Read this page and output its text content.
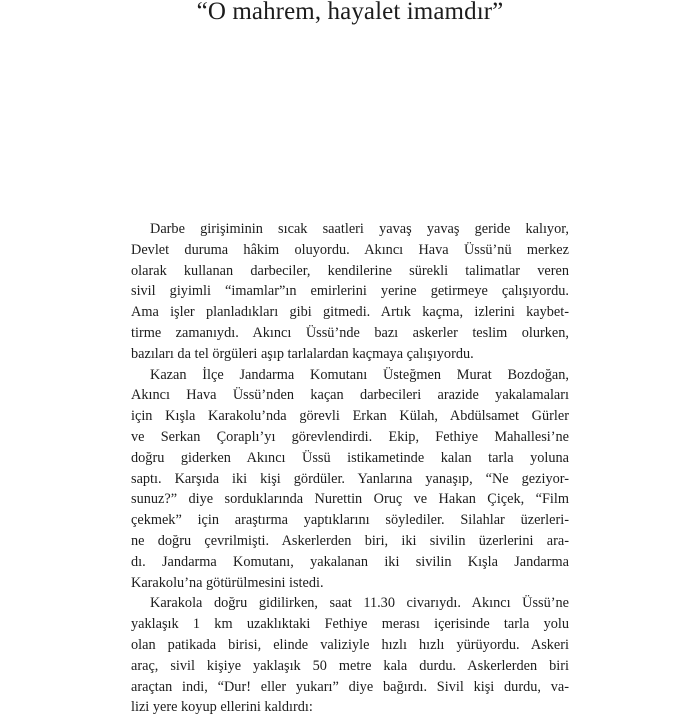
“O mahrem, hayalet imamdır”

Darbe girişiminin sıcak saatleri yavaş yavaş geride kalıyor,
Devlet duruma hâkim oluyordu. Akıncı Hava Üssü’nü merkez
olarak kullanan darbeciler, kendilerine sürekli talimatlar veren
sivil giyimli “imamlar”ın emirlerini yerine getirmeye çalışıyordu.
Ama işler planladıkları gibi gitmedi. Artık kaçma, izlerini kaybet-
tirme zamanıydı. Akıncı Üssü’nde bazı askerler teslim olurken,
bazıları da tel örgüleri aşıp tarlalardan kaçmaya çalışıyordu.

Kazan İlçe Jandarma Komutanı Üsteğmen Murat Bozdoğan,
Akıncı Hava Üssü’nden kaçan darbecileri arazide yakalamaları
için Kışla Karakolu’nda görevli Erkan Külah, Abdülsamet Gürler
ve Serkan Çoraplı’yı görevlendirdi. Ekip, Fethiye Mahallesi’ne
doğru giderken Akıncı Üssü istikametinde kalan tarla yoluna
saptı. Karşıda iki kişi gördüler. Yanlarına yanaşıp, “Ne geziyor-
sunuz?” diye sorduklarında Nurettin Oruç ve Hakan Çiçek, “Film
çekmek” için araştırma yaptıklarını söylediler. Silahlar üzerleri-
ne doğru çevrilmişti. Askerlerden biri, iki sivilin üzerlerini ara-
dı. Jandarma Komutanı, yakalanan iki sivilin Kışla Jandarma
Karakolu’na götürülmesini istedi.

Karakola doğru gidilirken, saat 11.30 civarıydı. Akıncı Üssü’ne
yaklaşık 1 km uzaklıktaki Fethiye merası içerisinde tarla yolu
olan patikada birisi, elinde valiziyle hızlı hızlı yürüyordu. Askeri
araç, sivil kişiye yaklaşık 50 metre kala durdu. Askerlerden biri
araçtan indi, “Dur! eller yukarı” diye bağırdı. Sivil kişi durdu, va-
lizi yere koyup ellerini kaldırdı:
